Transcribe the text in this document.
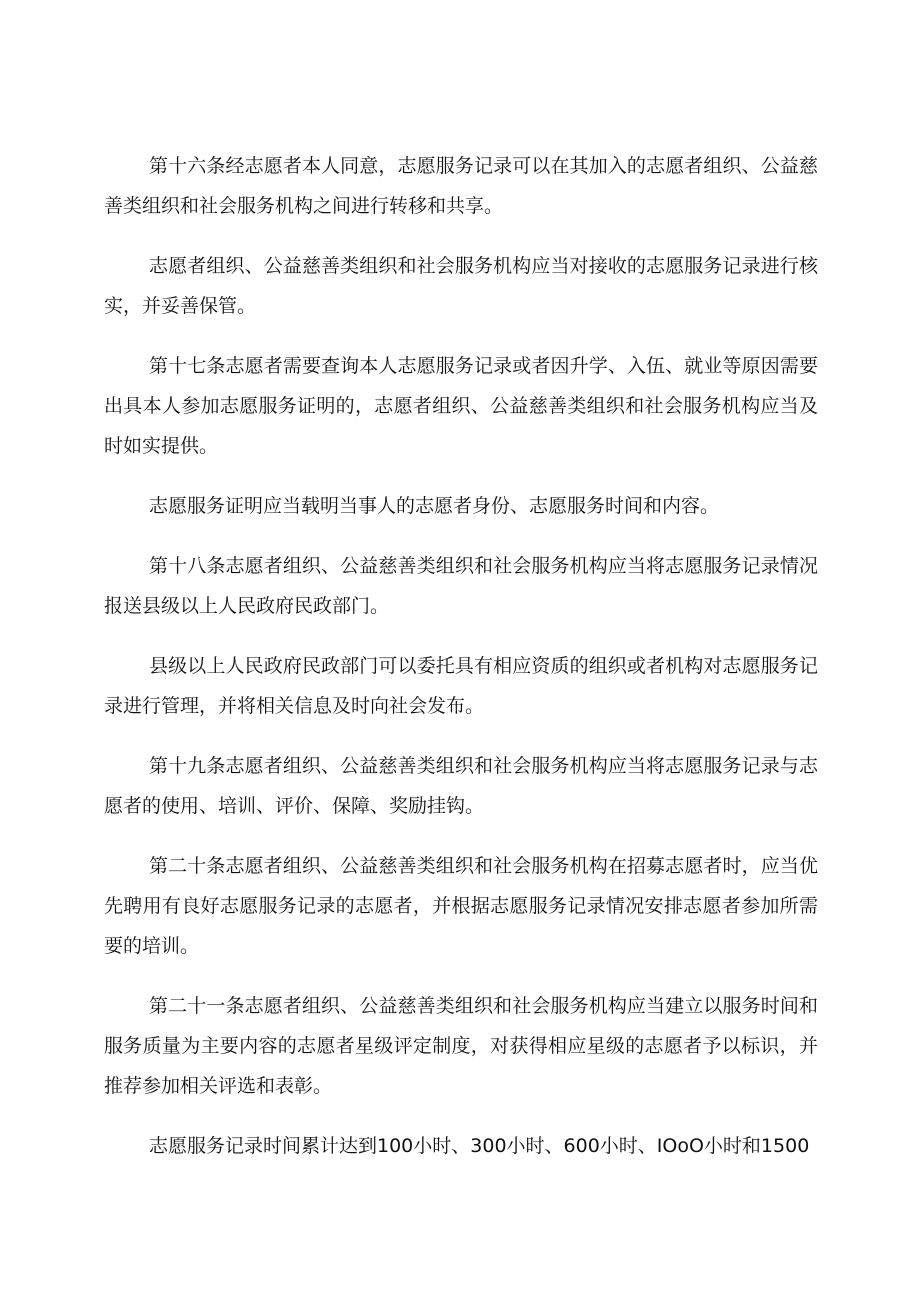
第十六条经志愿者本人同意，志愿服务记录可以在其加入的志愿者组织、公益慈善类组织和社会服务机构之间进行转移和共享。

志愿者组织、公益慈善类组织和社会服务机构应当对接收的志愿服务记录进行核实，并妥善保管。

第十七条志愿者需要查询本人志愿服务记录或者因升学、入伍、就业等原因需要出具本人参加志愿服务证明的，志愿者组织、公益慈善类组织和社会服务机构应当及时如实提供。

志愿服务证明应当载明当事人的志愿者身份、志愿服务时间和内容。

第十八条志愿者组织、公益慈善类组织和社会服务机构应当将志愿服务记录情况报送县级以上人民政府民政部门。

县级以上人民政府民政部门可以委托具有相应资质的组织或者机构对志愿服务记录进行管理，并将相关信息及时向社会发布。

第十九条志愿者组织、公益慈善类组织和社会服务机构应当将志愿服务记录与志愿者的使用、培训、评价、保障、奖励挂钩。

第二十条志愿者组织、公益慈善类组织和社会服务机构在招募志愿者时，应当优先聘用有良好志愿服务记录的志愿者，并根据志愿服务记录情况安排志愿者参加所需要的培训。

第二十一条志愿者组织、公益慈善类组织和社会服务机构应当建立以服务时间和服务质量为主要内容的志愿者星级评定制度，对获得相应星级的志愿者予以标识，并推荐参加相关评选和表彰。

志愿服务记录时间累计达到100小时、300小时、600小时、IOoO小时和1500
